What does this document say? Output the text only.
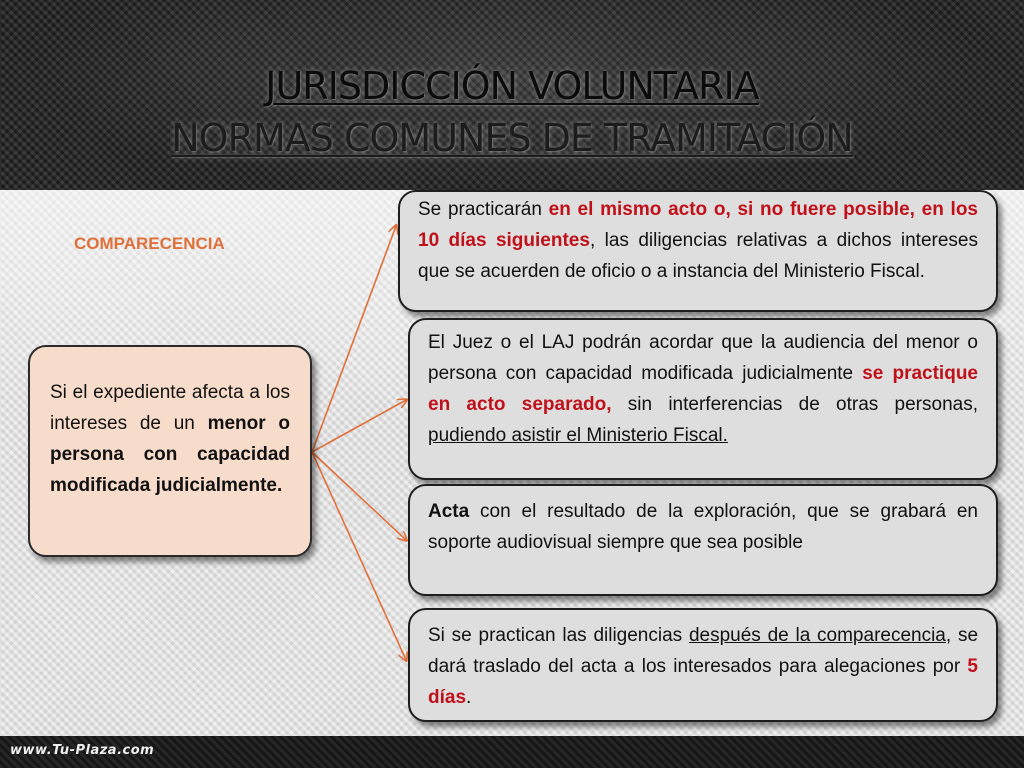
JURISDICCIÓN VOLUNTARIA
NORMAS COMUNES DE TRAMITACIÓN
COMPARECENCIA
Si el expediente afecta a los intereses de un menor o persona con capacidad modificada judicialmente.
Se practicarán en el mismo acto o, si no fuere posible, en los 10 días siguientes, las diligencias relativas a dichos intereses que se acuerden de oficio o a instancia del Ministerio Fiscal.
El Juez o el LAJ podrán acordar que la audiencia del menor o persona con capacidad modificada judicialmente se practique en acto separado, sin interferencias de otras personas, pudiendo asistir el Ministerio Fiscal.
Acta con el resultado de la exploración, que se grabará en soporte audiovisual siempre que sea posible
Si se practican las diligencias después de la comparecencia, se dará traslado del acta a los interesados para alegaciones por 5 días.
www.Tu-Plaza.com
